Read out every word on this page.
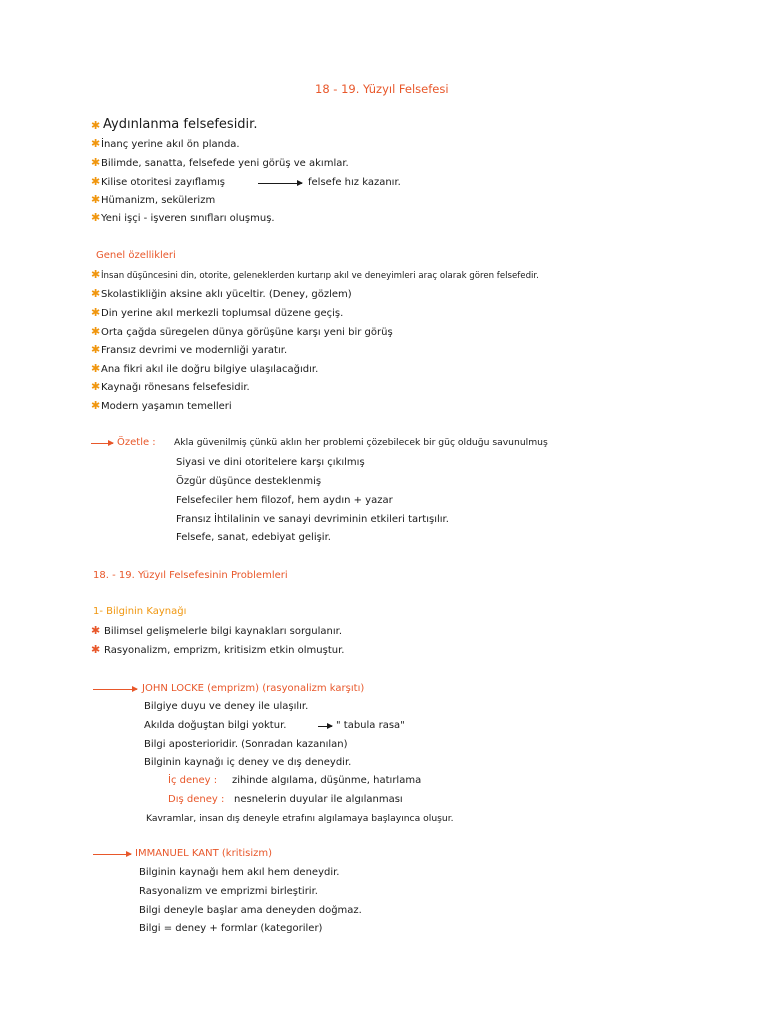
18 - 19. Yüzyıl Felsefesi
✱ Aydınlanma felsefesidir.
✱ İnanç yerine akıl ön planda.
✱ Bilimde, sanatta, felsefede yeni görüş ve akımlar.
✱ Kilise otoritesi zayıflamış	felsefe hız kazanır.
✱ Hümanizm, sekülerizm
✱ Yeni işçi - işveren sınıfları oluşmuş.
Genel özellikleri
✱ İnsan düşüncesini din, otorite, geleneklerden kurtarıp akıl ve deneyimleri araç olarak gören felsefedir.
✱ Skolastikliğin aksine aklı yüceltir. (Deney, gözlem)
✱ Din yerine akıl merkezli toplumsal düzene geçiş.
✱ Orta çağda süregelen dünya görüşüne karşı yeni bir görüş
✱ Fransız devrimi ve modernliği yaratır.
✱ Ana fikri akıl ile doğru bilgiye ulaşılacağıdır.
✱ Kaynağı rönesans felsefesidir.
✱ Modern yaşamın temelleri
Özetle : Akla güvenilmiş çünkü aklın her problemi çözebilecek bir güç olduğu savunulmuş
Siyasi ve dini otoritelere karşı çıkılmış
Özgür düşünce desteklenmiş
Felsefeciler hem filozof, hem aydın + yazar
Fransız İhtilalinin ve sanayi devriminin etkileri tartışılır.
Felsefe, sanat, edebiyat gelişir.
18. - 19. Yüzyıl Felsefesinin Problemleri
1- Bilginin Kaynağı
✱ Bilimsel gelişmelerle bilgi kaynakları sorgulanır.
✱ Rasyonalizm, emprizm, kritisizm etkin olmuştur.
JOHN LOCKE (emprizm) (rasyonalizm karşıtı)
Bilgiye duyu ve deney ile ulaşılır.
Akılda doğuştan bilgi yoktur.	" tabula rasa"
Bilgi aposterioridir. (Sonradan kazanılan)
Bilginin kaynağı iç deney ve dış deneydir.
İç deney : zihinde algılama, düşünme, hatırlama
Dış deney : nesnelerin duyular ile algılanması
Kavramlar, insan dış deneyle etrafını algılamaya başlayınca oluşur.
IMMANUEL KANT (kritisizm)
Bilginin kaynağı hem akıl hem deneydir.
Rasyonalizm ve emprizmi birleştirir.
Bilgi deneyle başlar ama deneyden doğmaz.
Bilgi = deney + formlar (kategoriler)
